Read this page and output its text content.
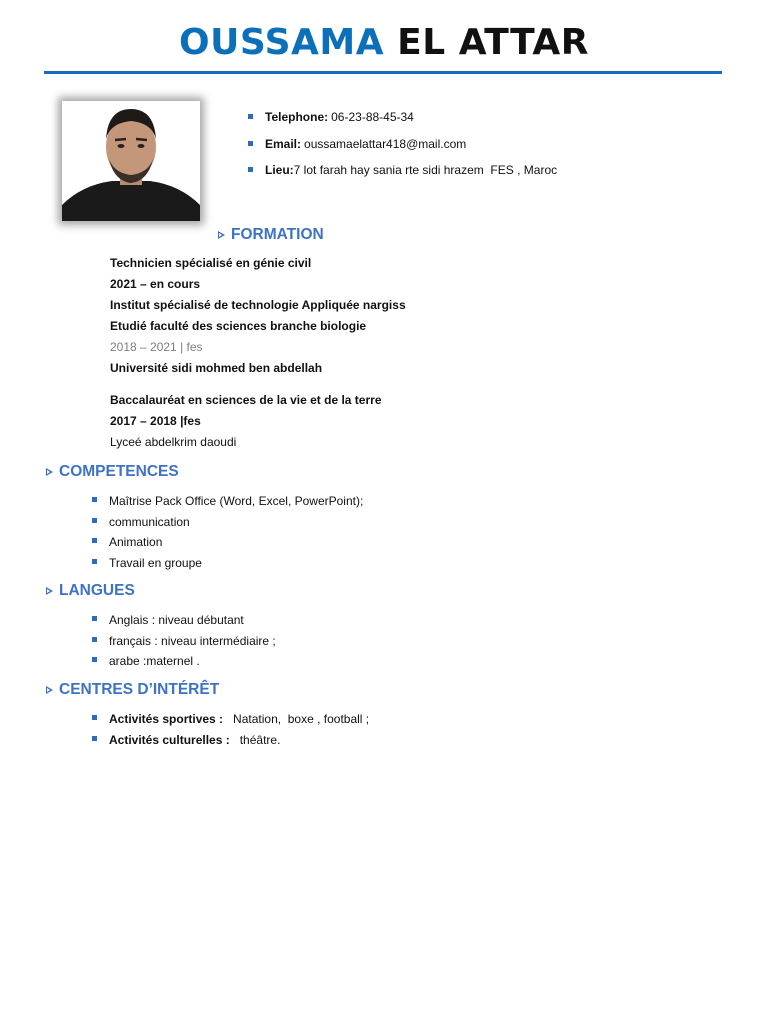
OUSSAMA EL ATTAR
Telephone: 06-23-88-45-34
Email: oussamaelattar418@mail.com
Lieu: 7 lot farah hay sania rte sidi hrazem  FES , Maroc
FORMATION
Technicien spécialisé en génie civil
2021 – en cours
Institut spécialisé de technologie Appliquée nargiss
Etudié faculté des sciences branche biologie
2018 – 2021 | fes
Université sidi mohmed ben abdellah
Baccalauréat en sciences de la vie et de la terre
2017 – 2018 |fes
Lyceé abdelkrim daoudi
COMPETENCES
Maîtrise Pack Office (Word, Excel, PowerPoint);
communication
Animation
Travail en groupe
LANGUES
Anglais : niveau débutant
français : niveau intermédiaire ;
arabe :maternel .
CENTRES D’INTÉRÊT
Activités sportives : Natation,  boxe , football ;
Activités culturelles : théâtre.
